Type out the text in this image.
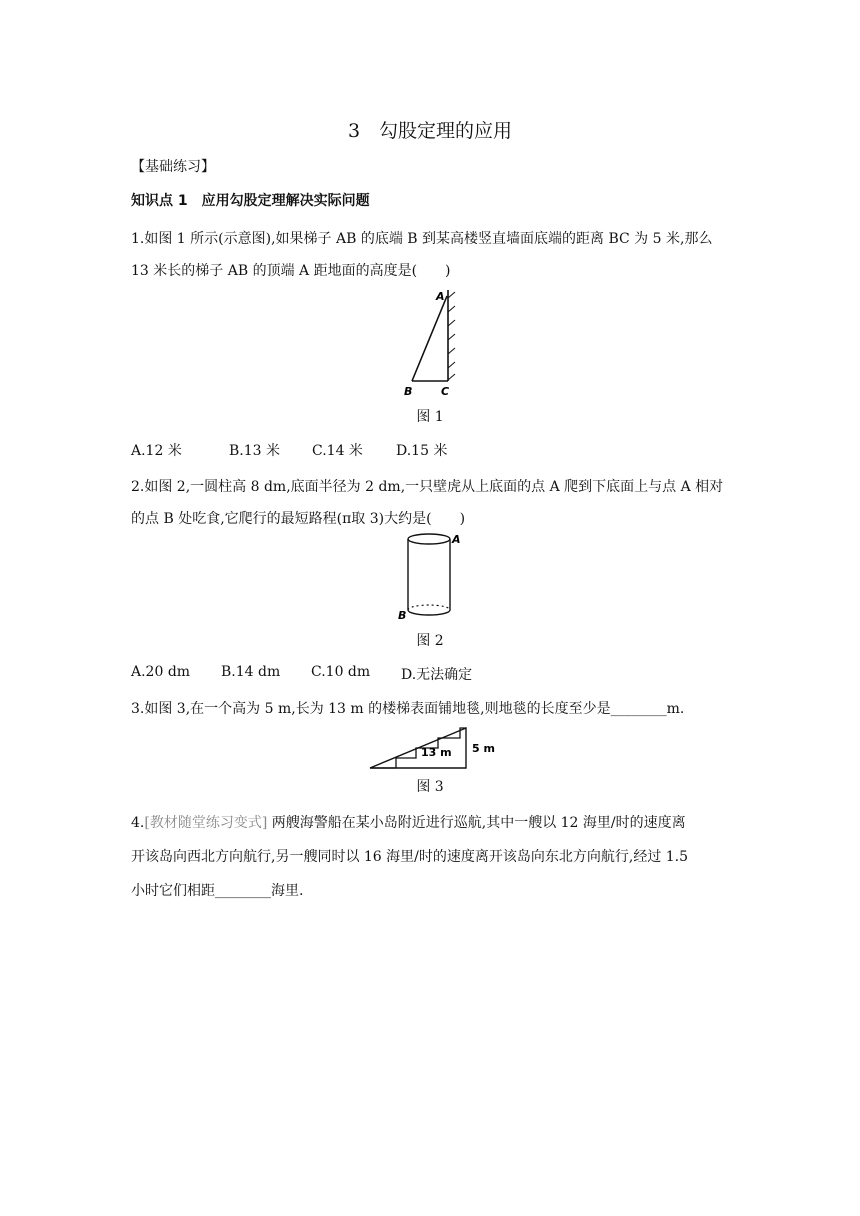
3　勾股定理的应用
【基础练习】
知识点 1　应用勾股定理解决实际问题
1.如图 1 所示(示意图),如果梯子 AB 的底端 B 到某高楼竖直墙面底端的距离 BC 为 5 米,那么
13 米长的梯子 AB 的顶端 A 距地面的高度是(　　)
A
B	C
图 1
A.12 米	B.13 米 C.14 米 D.15 米
2.如图 2,一圆柱高 8 dm,底面半径为 2 dm,一只壁虎从上底面的点 A 爬到下底面上与点 A 相对
的点 B 处吃食,它爬行的最短路程(π取 3)大约是(　　)
A
B
图 2
A.20 dm B.14 dm C.10 dm D.无法确定
3.如图 3,在一个高为 5 m,长为 13 m 的楼梯表面铺地毯,则地毯的长度至少是________m.
13 m 5 m
图 3
4.[教材随堂练习变式] 两艘海警船在某小岛附近进行巡航,其中一艘以 12 海里/时的速度离
开该岛向西北方向航行,另一艘同时以 16 海里/时的速度离开该岛向东北方向航行,经过 1.5
小时它们相距________海里.
